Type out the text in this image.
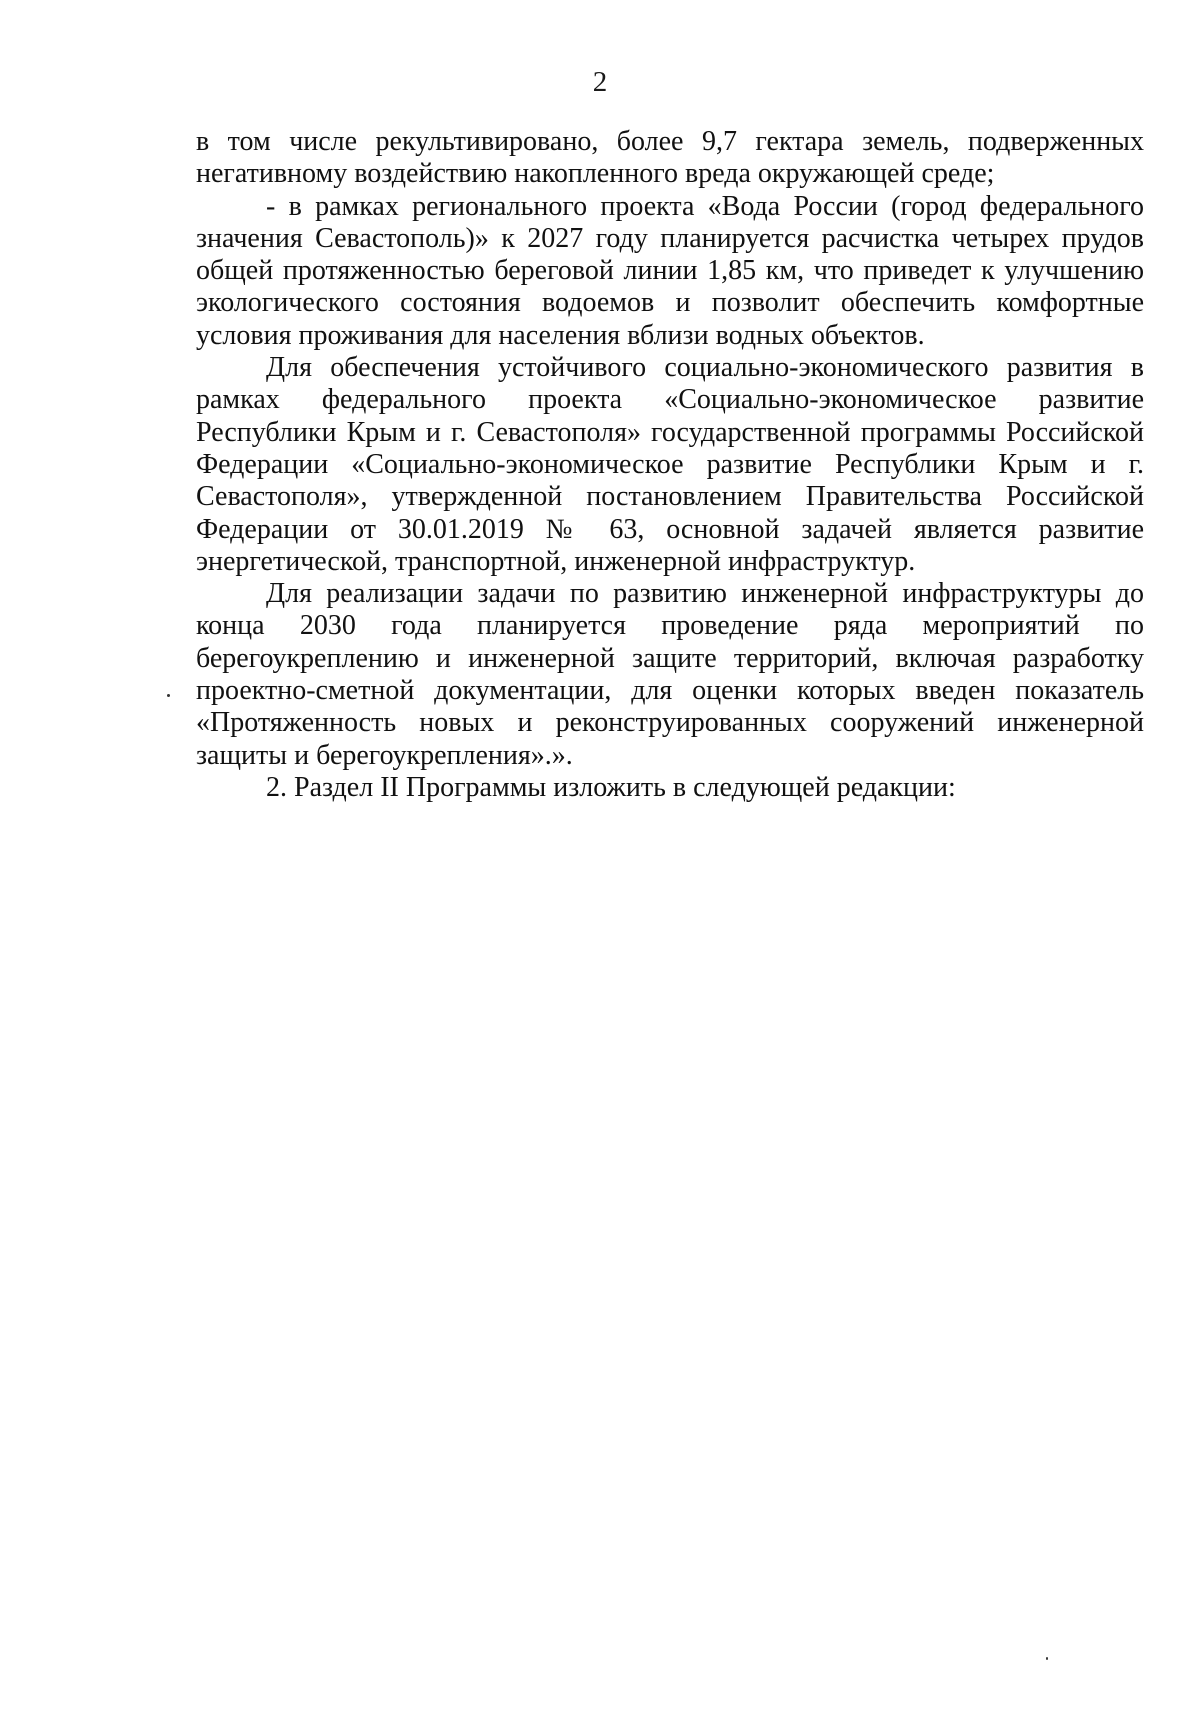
2

в том числе рекультивировано, более 9,7 гектара земель, подверженных негативному воздействию накопленного вреда окружающей среде;

- в рамках регионального проекта «Вода России (город федерального значения Севастополь)» к 2027 году планируется расчистка четырех прудов общей протяженностью береговой линии 1,85 км, что приведет к улучшению экологического состояния водоемов и позволит обеспечить комфортные условия проживания для населения вблизи водных объектов.

Для обеспечения устойчивого социально-экономического развития в рамках федерального проекта «Социально-экономическое развитие Республики Крым и г. Севастополя» государственной программы Российской Федерации «Социально-экономическое развитие Республики Крым и г. Севастополя», утвержденной постановлением Правительства Российской Федерации от 30.01.2019 № 63, основной задачей является развитие энергетической, транспортной, инженерной инфраструктур.

Для реализации задачи по развитию инженерной инфраструктуры до конца 2030 года планируется проведение ряда мероприятий по берегоукреплению и инженерной защите территорий, включая разработку проектно-сметной документации, для оценки которых введен показатель «Протяженность новых и реконструированных сооружений инженерной защиты и берегоукрепления».».

2. Раздел II Программы изложить в следующей редакции:
